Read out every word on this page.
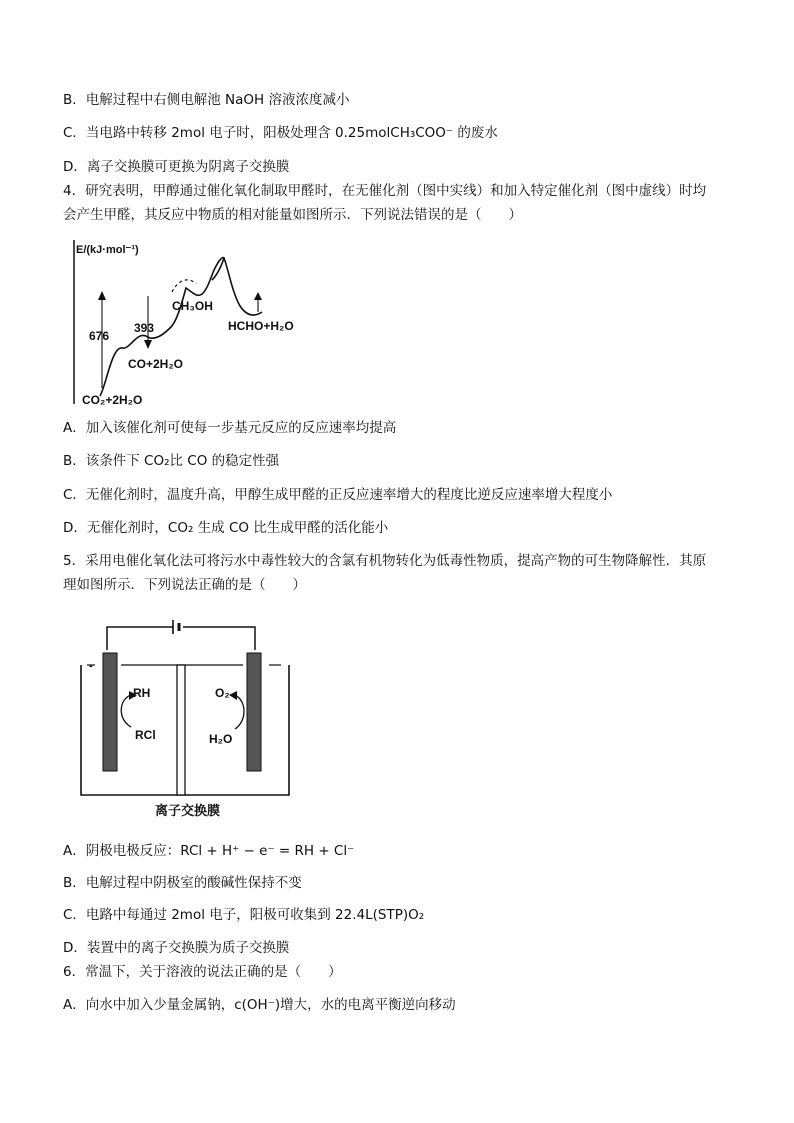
B．电解过程中右侧电解池 NaOH 溶液浓度减小
C．当电路中转移 2mol 电子时，阳极处理含 0.25molCH₃COO⁻ 的废水
D．离子交换膜可更换为阴离子交换膜
4．研究表明，甲醇通过催化氧化制取甲醛时，在无催化剂（图中实线）和加入特定催化剂（图中虚线）时均
会产生甲醛，其反应中物质的相对能量如图所示．下列说法错误的是（　　）
E/(kJ·mol⁻¹)
676
393
CH₃OH
HCHO+H₂O
CO+2H₂O
CO₂+2H₂O
A．加入该催化剂可使每一步基元反应的反应速率均提高
B．该条件下 CO₂比 CO 的稳定性强
C．无催化剂时，温度升高，甲醇生成甲醛的正反应速率增大的程度比逆反应速率增大程度小
D．无催化剂时，CO₂ 生成 CO 比生成甲醛的活化能小
5．采用电催化氧化法可将污水中毒性较大的含氯有机物转化为低毒性物质，提高产物的可生物降解性．其原
理如图所示．下列说法正确的是（　　）
-
RH
RCl
O₂
H₂O
离子交换膜
A．阴极电极反应：RCl + H⁺ − e⁻ = RH + Cl⁻
B．电解过程中阴极室的酸碱性保持不变
C．电路中每通过 2mol 电子，阳极可收集到 22.4L(STP)O₂
D．装置中的离子交换膜为质子交换膜
6．常温下，关于溶液的说法正确的是（　　）
A．向水中加入少量金属钠，c(OH⁻)增大，水的电离平衡逆向移动
